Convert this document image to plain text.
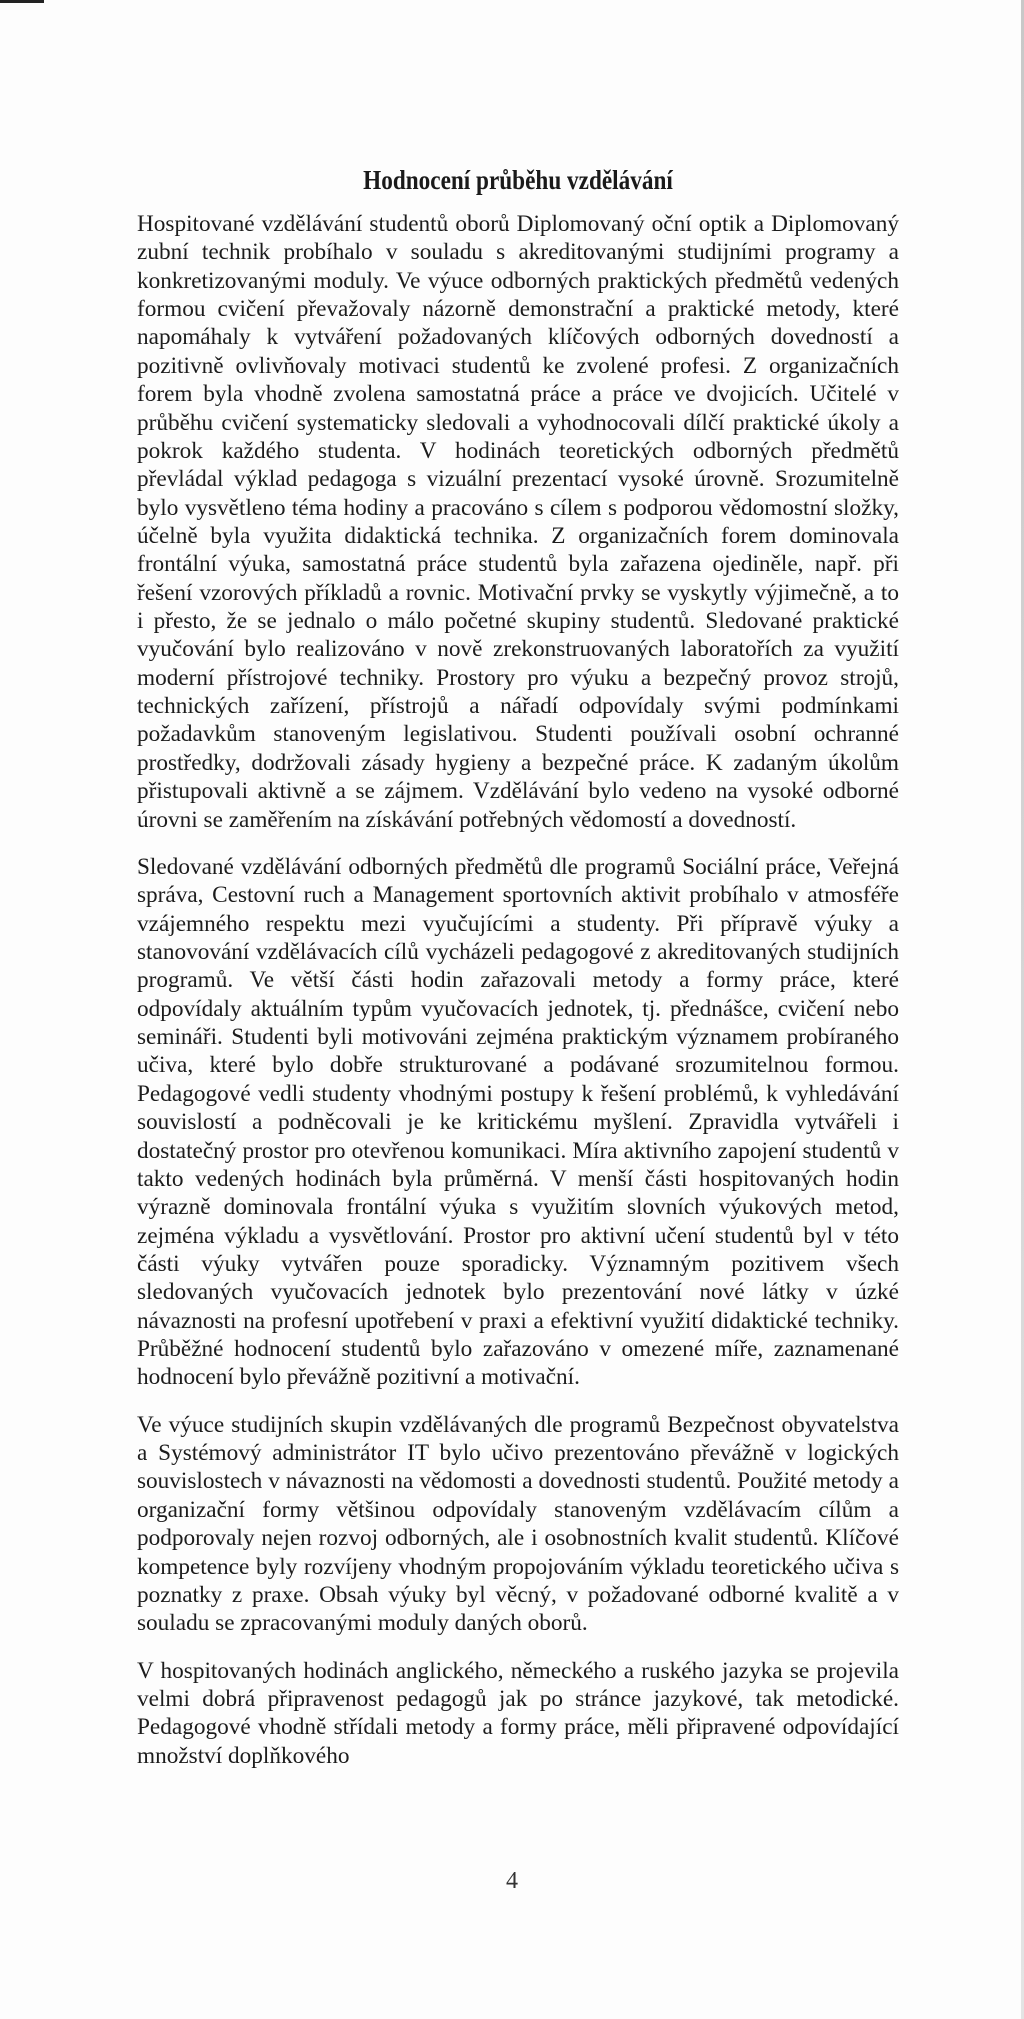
Hodnocení průběhu vzdělávání

Hospitované vzdělávání studentů oborů Diplomovaný oční optik a Diplomovaný zubní technik probíhalo v souladu s akreditovanými studijními programy a konkretizovanými moduly. Ve výuce odborných praktických předmětů vedených formou cvičení převažovaly názorně demonstrační a praktické metody, které napomáhaly k vytváření požadovaných klíčových odborných dovedností a pozitivně ovlivňovaly motivaci studentů ke zvolené profesi. Z organizačních forem byla vhodně zvolena samostatná práce a práce ve dvojicích. Učitelé v průběhu cvičení systematicky sledovali a vyhodnocovali dílčí praktické úkoly a pokrok každého studenta. V hodinách teoretických odborných předmětů převládal výklad pedagoga s vizuální prezentací vysoké úrovně. Srozumitelně bylo vysvětleno téma hodiny a pracováno s cílem s podporou vědomostní složky, účelně byla využita didaktická technika. Z organizačních forem dominovala frontální výuka, samostatná práce studentů byla zařazena ojediněle, např. při řešení vzorových příkladů a rovnic. Motivační prvky se vyskytly výjimečně, a to i přesto, že se jednalo o málo početné skupiny studentů. Sledované praktické vyučování bylo realizováno v nově zrekonstruovaných laboratořích za využití moderní přístrojové techniky. Prostory pro výuku a bezpečný provoz strojů, technických zařízení, přístrojů a nářadí odpovídaly svými podmínkami požadavkům stanoveným legislativou. Studenti používali osobní ochranné prostředky, dodržovali zásady hygieny a bezpečné práce. K zadaným úkolům přistupovali aktivně a se zájmem. Vzdělávání bylo vedeno na vysoké odborné úrovni se zaměřením na získávání potřebných vědomostí a dovedností.

Sledované vzdělávání odborných předmětů dle programů Sociální práce, Veřejná správa, Cestovní ruch a Management sportovních aktivit probíhalo v atmosféře vzájemného respektu mezi vyučujícími a studenty. Při přípravě výuky a stanovování vzdělávacích cílů vycházeli pedagogové z akreditovaných studijních programů. Ve větší části hodin zařazovali metody a formy práce, které odpovídaly aktuálním typům vyučovacích jednotek, tj. přednášce, cvičení nebo semináři. Studenti byli motivováni zejména praktickým významem probíraného učiva, které bylo dobře strukturované a podávané srozumitelnou formou. Pedagogové vedli studenty vhodnými postupy k řešení problémů, k vyhledávání souvislostí a podněcovali je ke kritickému myšlení. Zpravidla vytvářeli i dostatečný prostor pro otevřenou komunikaci. Míra aktivního zapojení studentů v takto vedených hodinách byla průměrná. V menší části hospitovaných hodin výrazně dominovala frontální výuka s využitím slovních výukových metod, zejména výkladu a vysvětlování. Prostor pro aktivní učení studentů byl v této části výuky vytvářen pouze sporadicky. Významným pozitivem všech sledovaných vyučovacích jednotek bylo prezentování nové látky v úzké návaznosti na profesní upotřebení v praxi a efektivní využití didaktické techniky. Průběžné hodnocení studentů bylo zařazováno v omezené míře, zaznamenané hodnocení bylo převážně pozitivní a motivační.

Ve výuce studijních skupin vzdělávaných dle programů Bezpečnost obyvatelstva a Systémový administrátor IT bylo učivo prezentováno převážně v logických souvislostech v návaznosti na vědomosti a dovednosti studentů. Použité metody a organizační formy většinou odpovídaly stanoveným vzdělávacím cílům a podporovaly nejen rozvoj odborných, ale i osobnostních kvalit studentů. Klíčové kompetence byly rozvíjeny vhodným propojováním výkladu teoretického učiva s poznatky z praxe. Obsah výuky byl věcný, v požadované odborné kvalitě a v souladu se zpracovanými moduly daných oborů.

V hospitovaných hodinách anglického, německého a ruského jazyka se projevila velmi dobrá připravenost pedagogů jak po stránce jazykové, tak metodické. Pedagogové vhodně střídali metody a formy práce, měli připravené odpovídající množství doplňkového

4
